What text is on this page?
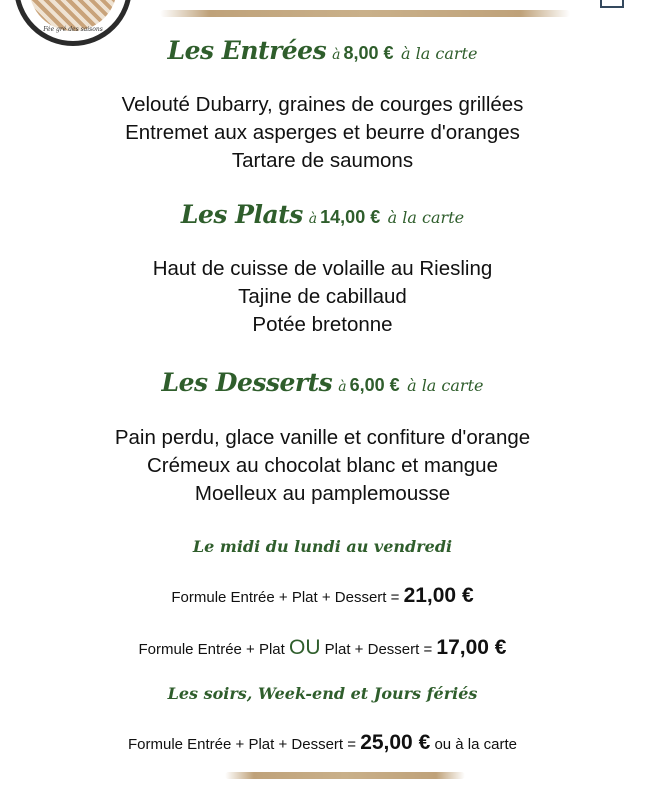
Fée gré des saisons
Les Entrées à 8,00 € à la carte
Velouté Dubarry, graines de courges grillées
Entremet aux asperges et beurre d'oranges
Tartare de saumons
Les Plats à 14,00 € à la carte
Haut de cuisse de volaille au Riesling
Tajine de cabillaud
Potée bretonne
Les Desserts à 6,00 € à la carte
Pain perdu, glace vanille et confiture d'orange
Crémeux au chocolat blanc et mangue
Moelleux au pamplemousse
Le midi du lundi au vendredi
Formule Entrée + Plat + Dessert = 21,00 €
Formule Entrée + Plat OU Plat + Dessert = 17,00 €
Les soirs, Week-end et Jours fériés
Formule Entrée + Plat + Dessert = 25,00 € ou à la carte
